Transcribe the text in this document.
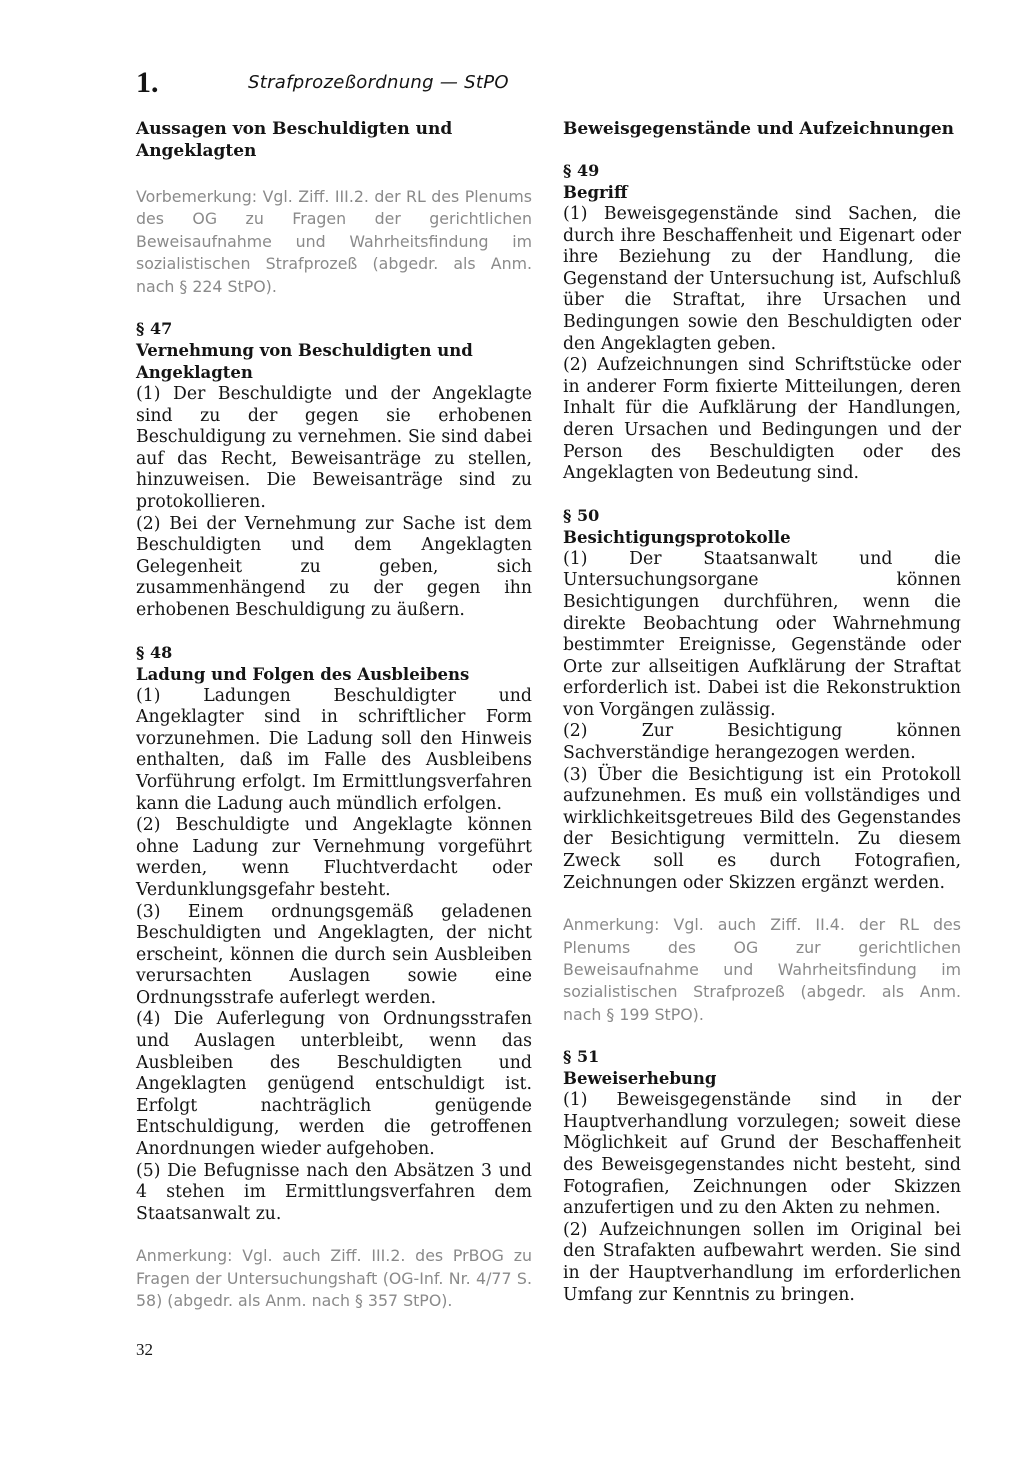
1.	Strafprozeßordnung — StPO
Aussagen von Beschuldigten und Angeklagten
Vorbemerkung: Vgl. Ziff. III.2. der RL des Plenums des OG zu Fragen der gerichtlichen Beweisaufnahme und Wahrheitsfindung im sozialistischen Strafprozeß (abgedr. als Anm. nach § 224 StPO).
§ 47
Vernehmung von Beschuldigten und Angeklagten

(1) Der Beschuldigte und der Angeklagte sind zu der gegen sie erhobenen Beschuldigung zu vernehmen. Sie sind dabei auf das Recht, Beweisanträge zu stellen, hinzuweisen. Die Beweisanträge sind zu protokollieren.

(2) Bei der Vernehmung zur Sache ist dem Beschuldigten und dem Angeklagten Gelegenheit zu geben, sich zusammenhängend zu der gegen ihn erhobenen Beschuldigung zu äußern.

§ 48
Ladung und Folgen des Ausbleibens

(1) Ladungen Beschuldigter und Angeklagter sind in schriftlicher Form vorzunehmen. Die Ladung soll den Hinweis enthalten, daß im Falle des Ausbleibens Vorführung erfolgt. Im Ermittlungsverfahren kann die Ladung auch mündlich erfolgen.

(2) Beschuldigte und Angeklagte können ohne Ladung zur Vernehmung vorgeführt werden, wenn Fluchtverdacht oder Verdunklungsgefahr besteht.

(3) Einem ordnungsgemäß geladenen Beschuldigten und Angeklagten, der nicht erscheint, können die durch sein Ausbleiben verursachten Auslagen sowie eine Ordnungsstrafe auferlegt werden.

(4) Die Auferlegung von Ordnungsstrafen und Auslagen unterbleibt, wenn das Ausbleiben des Beschuldigten und Angeklagten genügend entschuldigt ist. Erfolgt nachträglich genügende Entschuldigung, werden die getroffenen Anordnungen wieder aufgehoben.

(5) Die Befugnisse nach den Absätzen 3 und 4 stehen im Ermittlungsverfahren dem Staatsanwalt zu.

Anmerkung: Vgl. auch Ziff. III.2. des PrBOG zu Fragen der Untersuchungshaft (OG-Inf. Nr. 4/77 S. 58) (abgedr. als Anm. nach § 357 StPO).
Beweisgegenstände und Aufzeichnungen
§ 49
Begriff

(1) Beweisgegenstände sind Sachen, die durch ihre Beschaffenheit und Eigenart oder ihre Beziehung zu der Handlung, die Gegenstand der Untersuchung ist, Aufschluß über die Straftat, ihre Ursachen und Bedingungen sowie den Beschuldigten oder den Angeklagten geben.

(2) Aufzeichnungen sind Schriftstücke oder in anderer Form fixierte Mitteilungen, deren Inhalt für die Aufklärung der Handlungen, deren Ursachen und Bedingungen und der Person des Beschuldigten oder des Angeklagten von Bedeutung sind.

§ 50
Besichtigungsprotokolle

(1) Der Staatsanwalt und die Untersuchungsorgane können Besichtigungen durchführen, wenn die direkte Beobachtung oder Wahrnehmung bestimmter Ereignisse, Gegenstände oder Orte zur allseitigen Aufklärung der Straftat erforderlich ist. Dabei ist die Rekonstruktion von Vorgängen zulässig.

(2) Zur Besichtigung können Sachverständige herangezogen werden.

(3) Über die Besichtigung ist ein Protokoll aufzunehmen. Es muß ein vollständiges und wirklichkeitsgetreues Bild des Gegenstandes der Besichtigung vermitteln. Zu diesem Zweck soll es durch Fotografien, Zeichnungen oder Skizzen ergänzt werden.

Anmerkung: Vgl. auch Ziff. II.4. der RL des Plenums des OG zur gerichtlichen Beweisaufnahme und Wahrheitsfindung im sozialistischen Strafprozeß (abgedr. als Anm. nach § 199 StPO).
§ 51
Beweiserhebung

(1) Beweisgegenstände sind in der Hauptverhandlung vorzulegen; soweit diese Möglichkeit auf Grund der Beschaffenheit des Beweisgegenstandes nicht besteht, sind Fotografien, Zeichnungen oder Skizzen anzufertigen und zu den Akten zu nehmen.

(2) Aufzeichnungen sollen im Original bei den Strafakten aufbewahrt werden. Sie sind in der Hauptverhandlung im erforderlichen Umfang zur Kenntnis zu bringen.

32
